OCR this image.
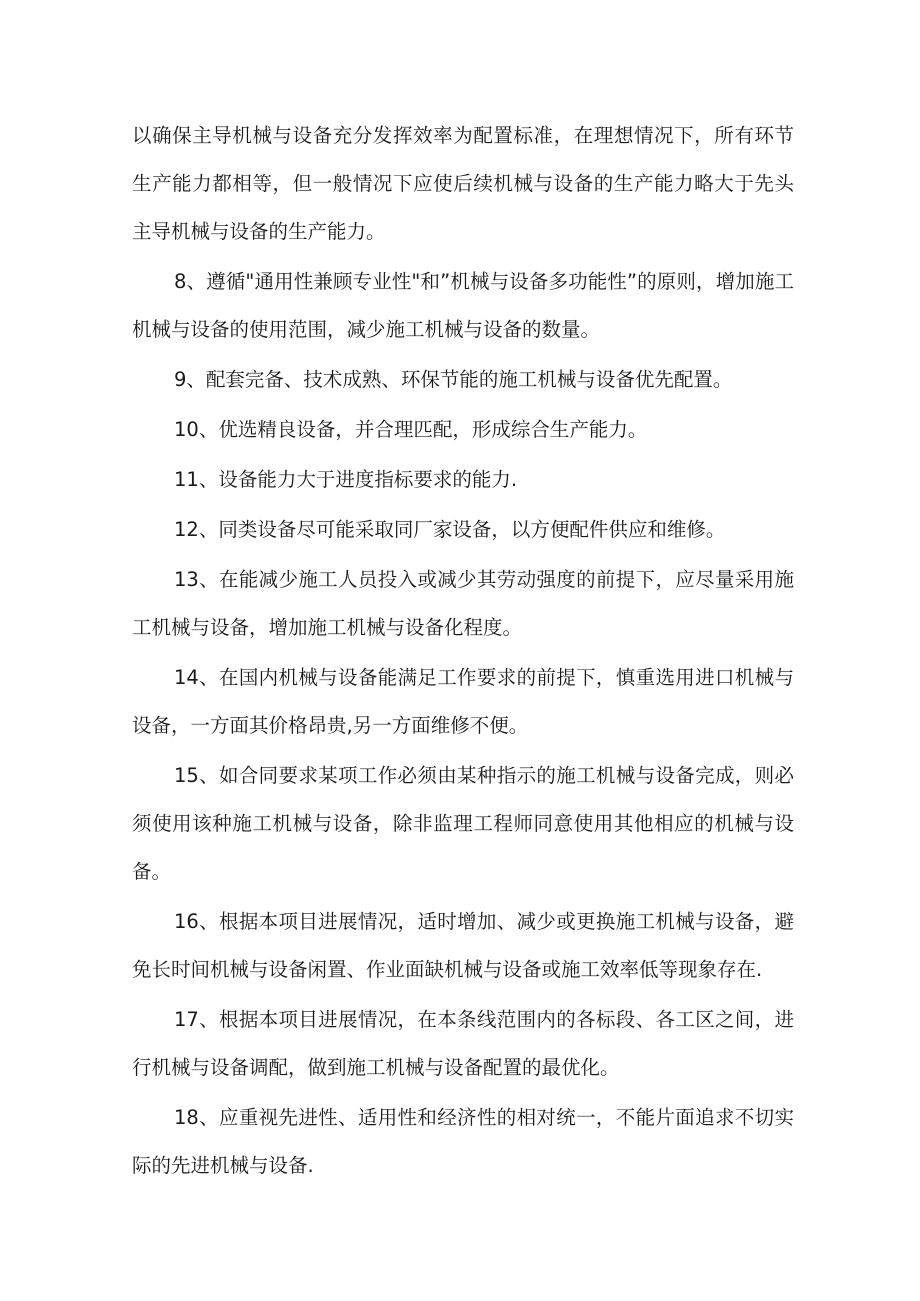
以确保主导机械与设备充分发挥效率为配置标准，在理想情况下，所有环节生产能力都相等，但一般情况下应使后续机械与设备的生产能力略大于先头主导机械与设备的生产能力。

8、遵循"通用性兼顾专业性"和”机械与设备多功能性”的原则，增加施工机械与设备的使用范围，减少施工机械与设备的数量。

9、配套完备、技术成熟、环保节能的施工机械与设备优先配置。

10、优选精良设备，并合理匹配，形成综合生产能力。

11、设备能力大于进度指标要求的能力.

12、同类设备尽可能采取同厂家设备，以方便配件供应和维修。

13、在能减少施工人员投入或减少其劳动强度的前提下，应尽量采用施工机械与设备，增加施工机械与设备化程度。

14、在国内机械与设备能满足工作要求的前提下，慎重选用进口机械与设备，一方面其价格昂贵,另一方面维修不便。

15、如合同要求某项工作必须由某种指示的施工机械与设备完成，则必须使用该种施工机械与设备，除非监理工程师同意使用其他相应的机械与设备。

16、根据本项目进展情况，适时增加、减少或更换施工机械与设备，避免长时间机械与设备闲置、作业面缺机械与设备或施工效率低等现象存在.

17、根据本项目进展情况，在本条线范围内的各标段、各工区之间，进行机械与设备调配，做到施工机械与设备配置的最优化。

18、应重视先进性、适用性和经济性的相对统一，不能片面追求不切实际的先进机械与设备.
